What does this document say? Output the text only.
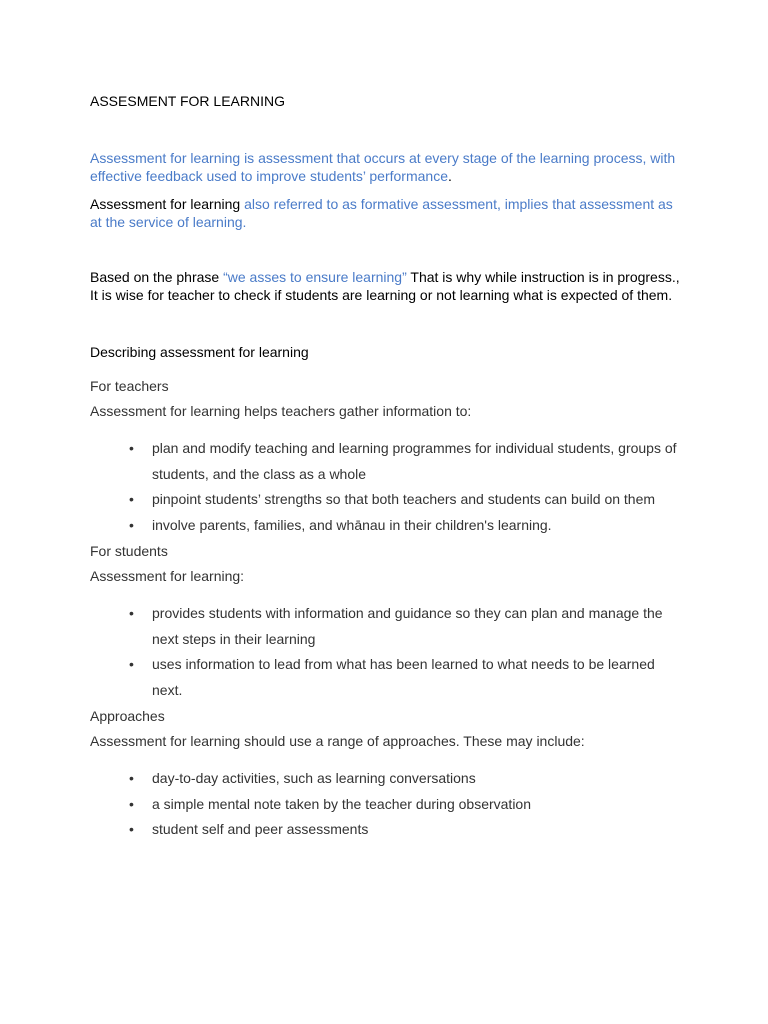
ASSESMENT FOR LEARNING

Assessment for learning is assessment that occurs at every stage of the learning process, with effective feedback used to improve students’ performance.

Assessment for learning also referred to as formative assessment, implies that assessment as at the service of learning.

Based on the phrase “we asses to ensure learning” That is why while instruction is in progress., It is wise for teacher to check if students are learning or not learning what is expected of them.

Describing assessment for learning

For teachers

Assessment for learning helps teachers gather information to:

• plan and modify teaching and learning programmes for individual students, groups of students, and the class as a whole
• pinpoint students’ strengths so that both teachers and students can build on them
• involve parents, families, and whānau in their children's learning.

For students

Assessment for learning:

• provides students with information and guidance so they can plan and manage the next steps in their learning
• uses information to lead from what has been learned to what needs to be learned next.

Approaches

Assessment for learning should use a range of approaches. These may include:

• day-to-day activities, such as learning conversations
• a simple mental note taken by the teacher during observation
• student self and peer assessments
